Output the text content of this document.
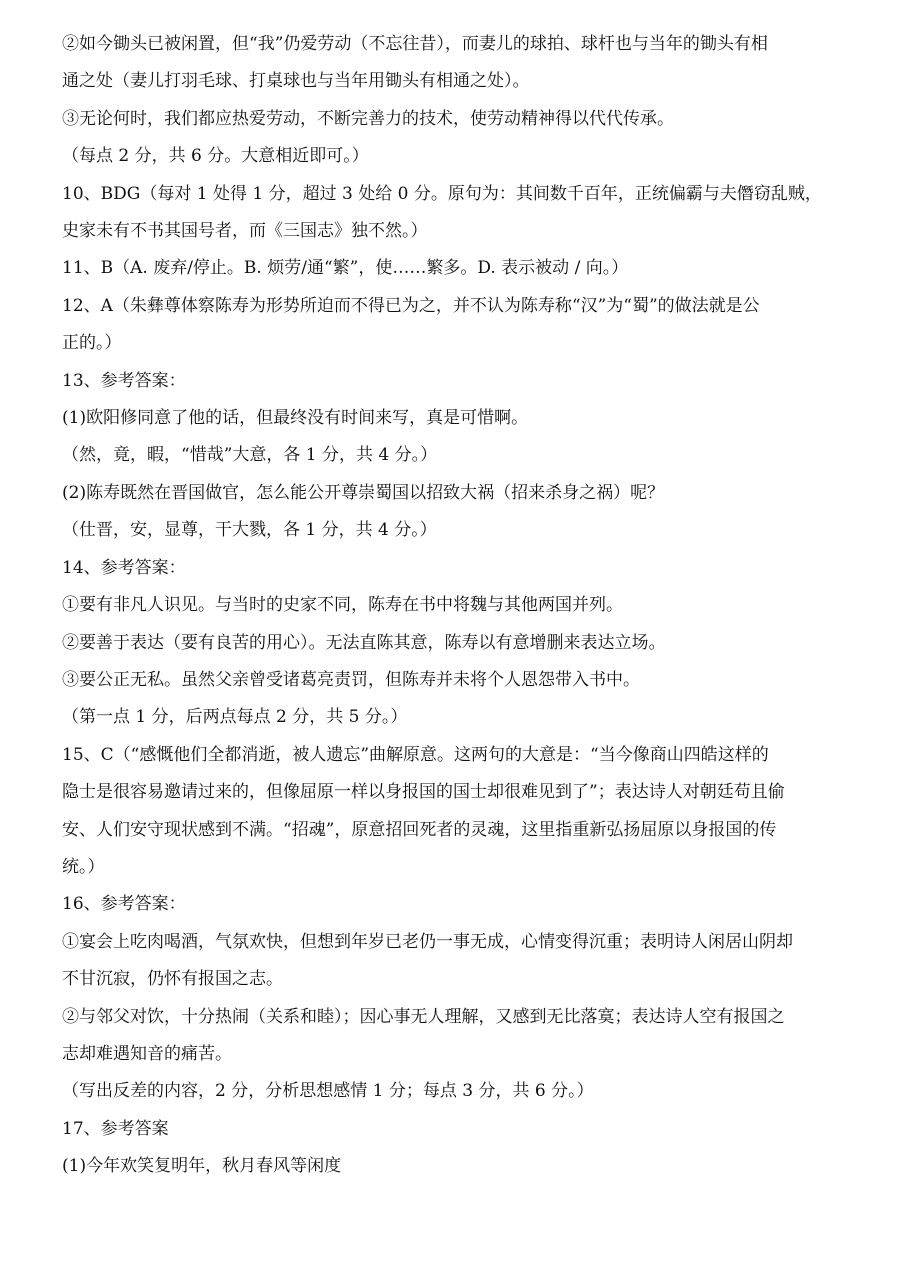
②如今锄头已被闲置，但“我”仍爱劳动（不忘往昔），而妻儿的球拍、球杆也与当年的锄头有相
通之处（妻儿打羽毛球、打桌球也与当年用锄头有相通之处）。
③无论何时，我们都应热爱劳动，不断完善力的技术，使劳动精神得以代代传承。
（每点 2 分，共 6 分。大意相近即可。）
10、BDG（每对 1 处得 1 分，超过 3 处给 0 分。原句为：其间数千百年，正统偏霸与夫僭窃乱贼，
史家未有不书其国号者，而《三国志》独不然。）
11、B（A. 废弃/停止。B. 烦劳/通“繁”，使……繁多。D. 表示被动 / 向。）
12、A（朱彝尊体察陈寿为形势所迫而不得已为之，并不认为陈寿称“汉”为“蜀”的做法就是公
正的。）
13、参考答案：
(1)欧阳修同意了他的话，但最终没有时间来写，真是可惜啊。
（然，竟，暇，“惜哉”大意，各 1 分，共 4 分。）
(2)陈寿既然在晋国做官，怎么能公开尊崇蜀国以招致大祸（招来杀身之祸）呢？
（仕晋，安，显尊，干大戮，各 1 分，共 4 分。）
14、参考答案：
①要有非凡人识见。与当时的史家不同，陈寿在书中将魏与其他两国并列。
②要善于表达（要有良苦的用心）。无法直陈其意，陈寿以有意增删来表达立场。
③要公正无私。虽然父亲曾受诸葛亮责罚，但陈寿并未将个人恩怨带入书中。
（第一点 1 分，后两点每点 2 分，共 5 分。）
15、C（“感慨他们全都消逝，被人遗忘”曲解原意。这两句的大意是：“当今像商山四皓这样的
隐士是很容易邀请过来的，但像屈原一样以身报国的国士却很难见到了”；表达诗人对朝廷苟且偷
安、人们安守现状感到不满。“招魂”，原意招回死者的灵魂，这里指重新弘扬屈原以身报国的传
统。）
16、参考答案：
①宴会上吃肉喝酒，气氛欢快，但想到年岁已老仍一事无成，心情变得沉重；表明诗人闲居山阴却
不甘沉寂，仍怀有报国之志。
②与邻父对饮，十分热闹（关系和睦）；因心事无人理解，又感到无比落寞；表达诗人空有报国之
志却难遇知音的痛苦。
（写出反差的内容，2 分，分析思想感情 1 分；每点 3 分，共 6 分。）
17、参考答案
(1)今年欢笑复明年，秋月春风等闲度
